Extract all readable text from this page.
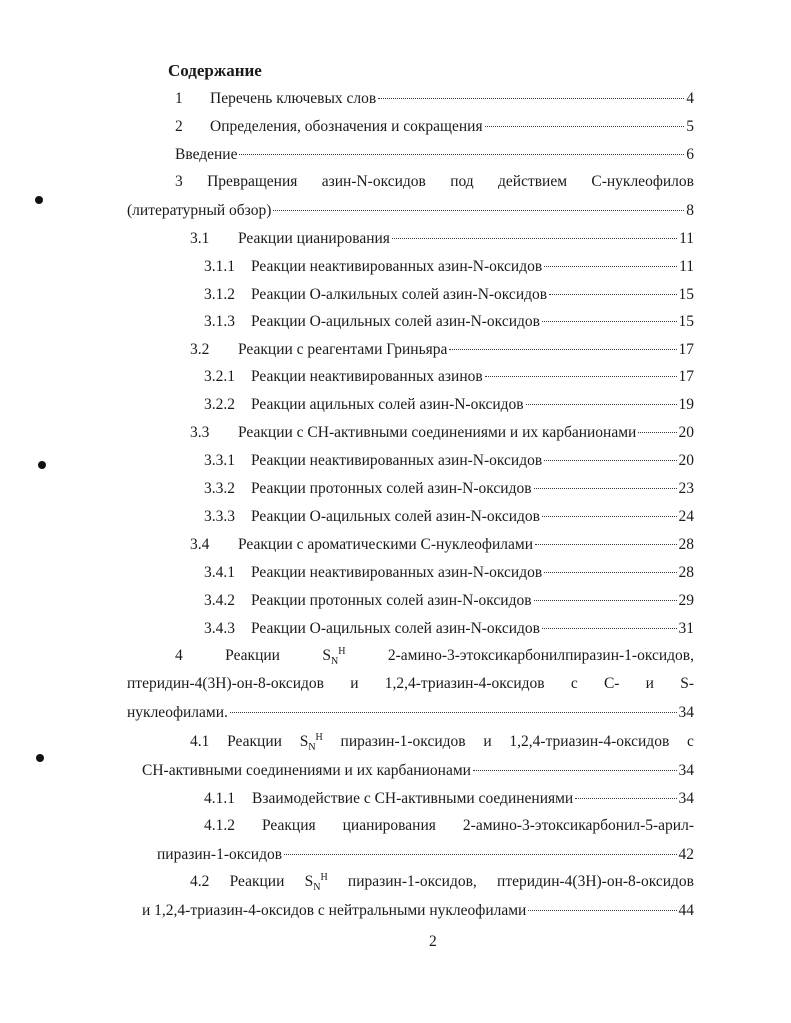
Содержание
1	Перечень ключевых слов	4
2	Определения, обозначения и сокращения	5
Введение	6
3 Превращения азин-N-оксидов под действием С-нуклеофилов
(литературный обзор)	8
3.1	Реакции цианирования	11
3.1.1	Реакции неактивированных азин-N-оксидов	11
3.1.2	Реакции О-алкильных солей азин-N-оксидов	15
3.1.3	Реакции О-ацильных солей азин-N-оксидов	15
3.2	Реакции с реагентами Гриньяра	17
3.2.1	Реакции неактивированных азинов	17
3.2.2	Реакции ацильных солей азин-N-оксидов	19
3.3	Реакции с СН-активными соединениями и их карбанионами	20
3.3.1	Реакции неактивированных азин-N-оксидов	20
3.3.2	Реакции протонных солей азин-N-оксидов	23
3.3.3	Реакции О-ацильных солей азин-N-оксидов	24
3.4	Реакции с ароматическими С-нуклеофилами	28
3.4.1	Реакции неактивированных азин-N-оксидов	28
3.4.2	Реакции протонных солей азин-N-оксидов	29
3.4.3	Реакции О-ацильных солей азин-N-оксидов	31
4	Реакции	$S_N^H$	2-амино-3-этоксикарбонилпиразин-1-оксидов,
птеридин-4(3Н)-он-8-оксидов и 1,2,4-триазин-4-оксидов с С- и S-
нуклеофилами.	34
4.1 Реакции $S_N^H$ пиразин-1-оксидов и 1,2,4-триазин-4-оксидов с
СН-активными соединениями и их карбанионами	34
4.1.1	Взаимодействие с СН-активными соединениями	34
4.1.2 Реакция цианирования 2-амино-3-этоксикарбонил-5-арил-
пиразин-1-оксидов	42
4.2 Реакции $S_N^H$ пиразин-1-оксидов, птеридин-4(3Н)-он-8-оксидов
и 1,2,4-триазин-4-оксидов с нейтральными нуклеофилами	44
2
